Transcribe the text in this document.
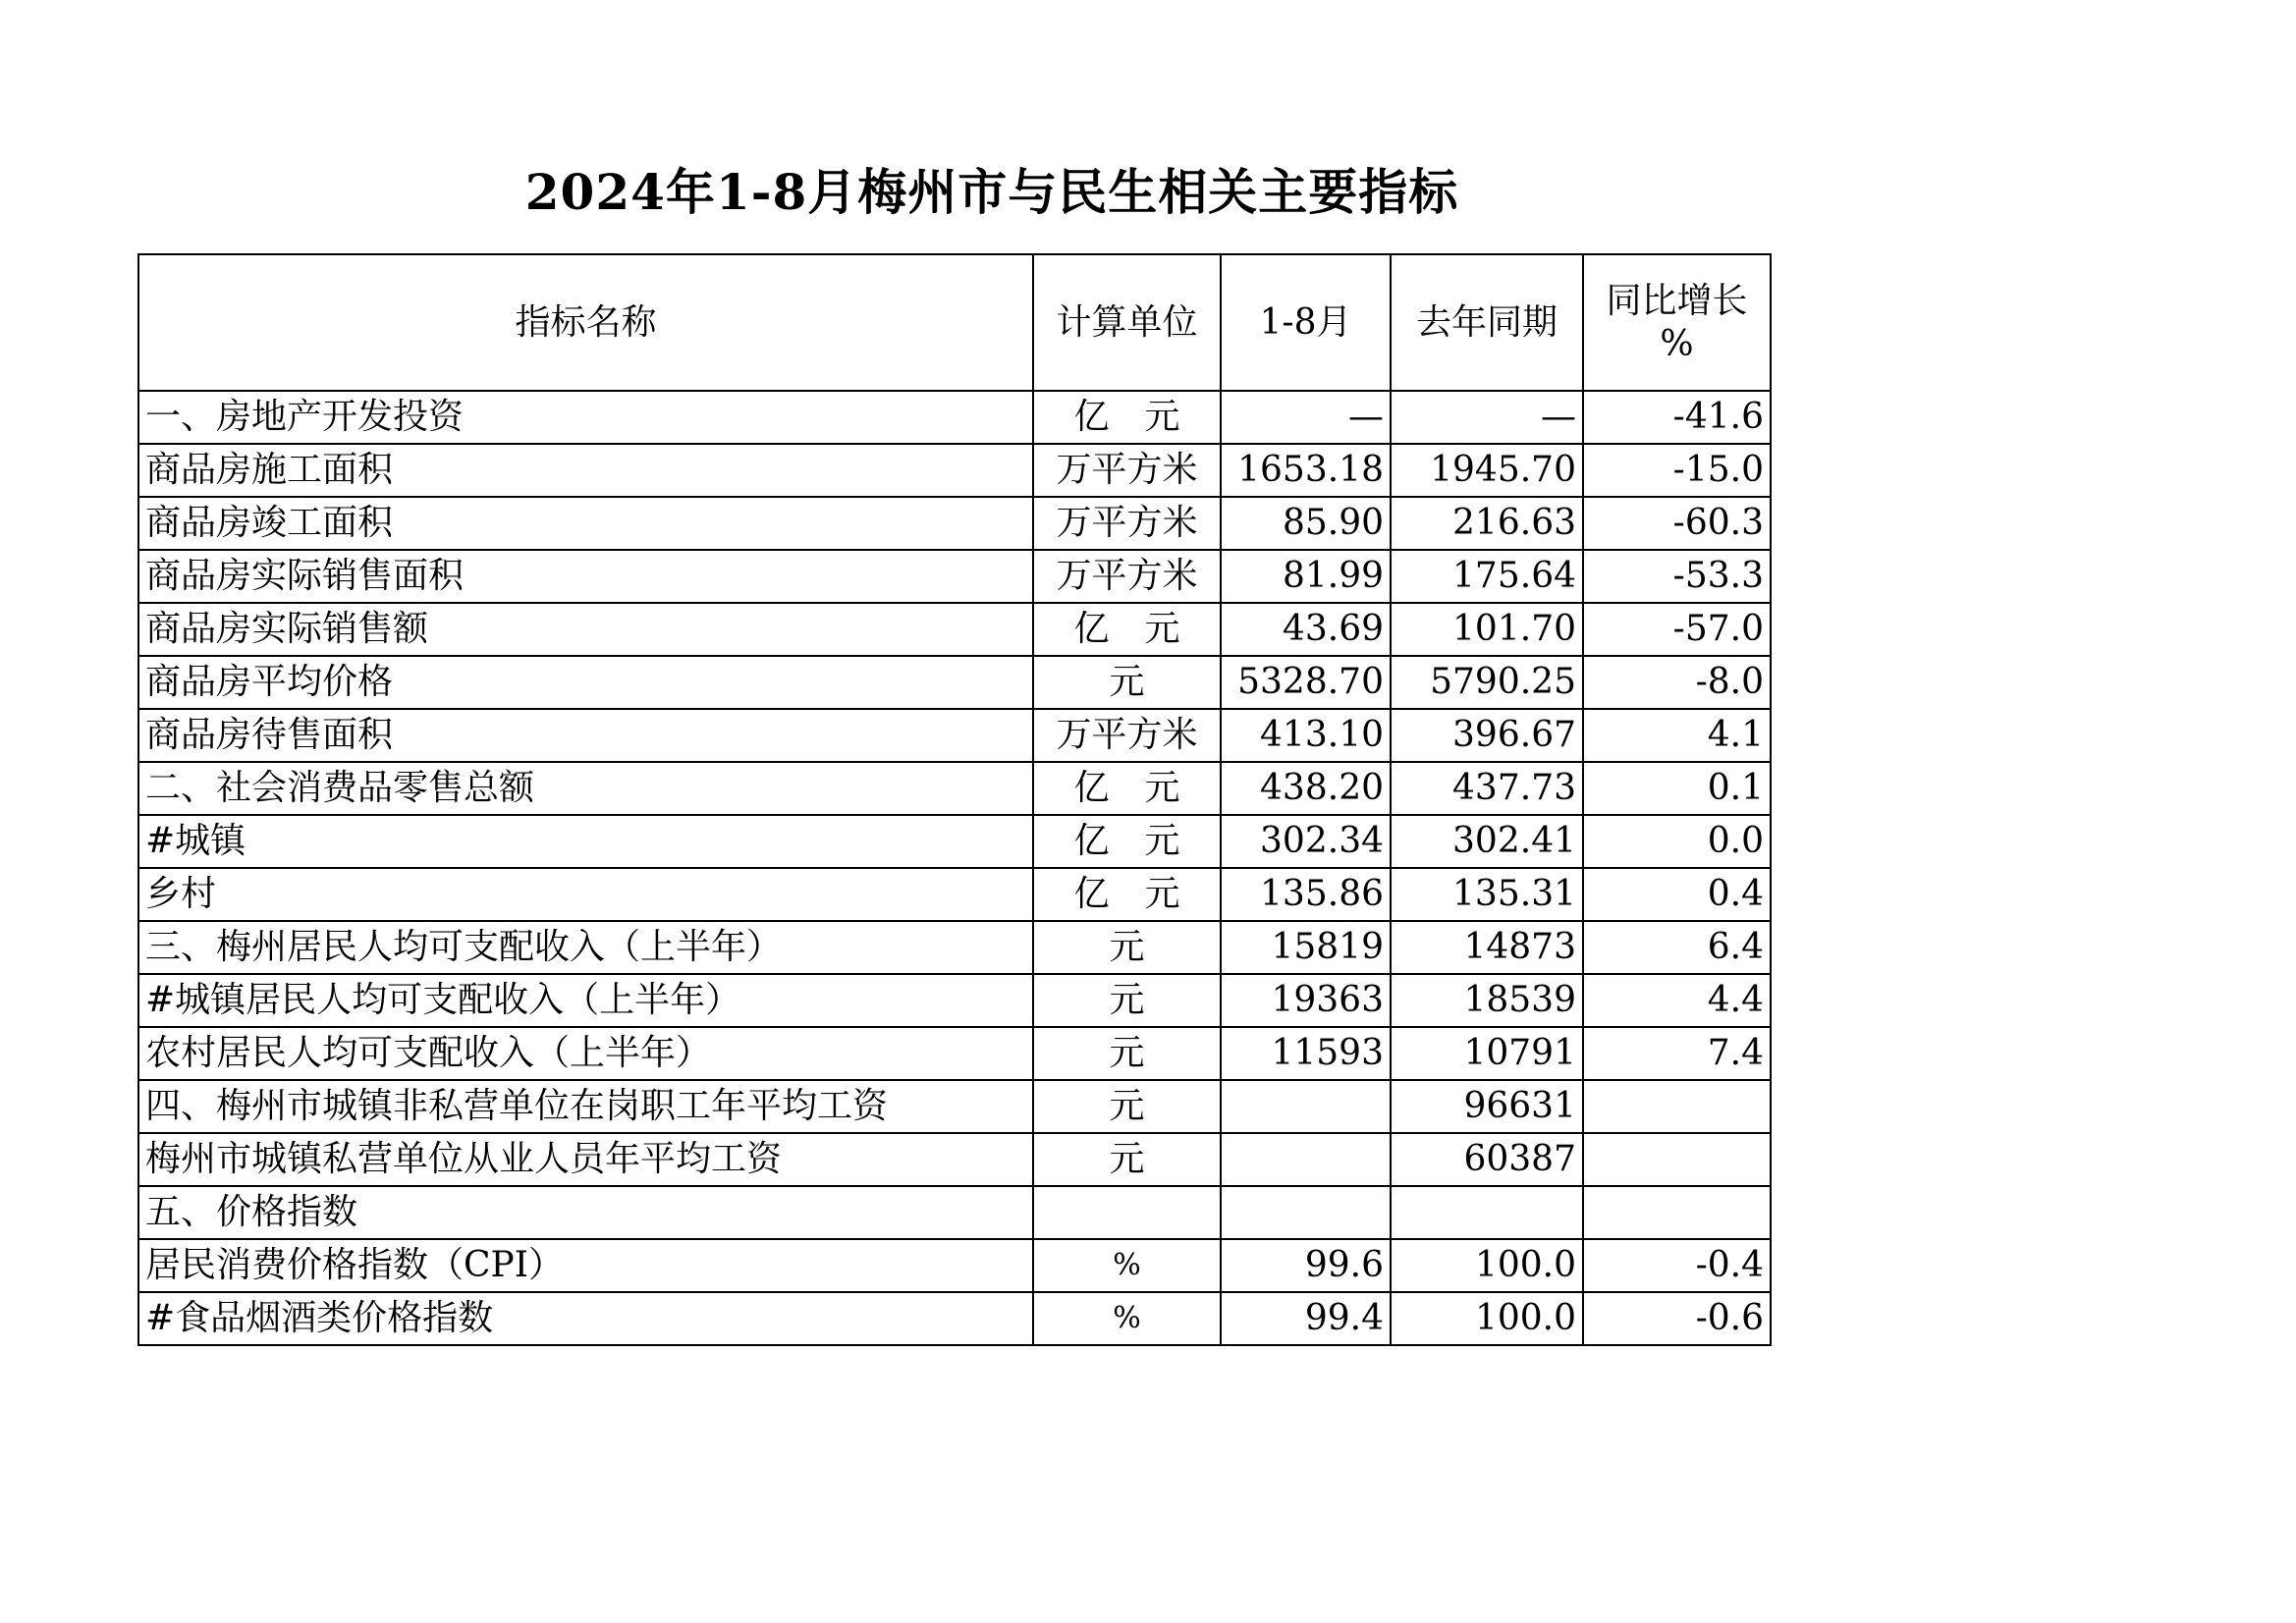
2024年1-8月梅州市与民生相关主要指标
指标名称	计算单位	1-8月	去年同期	同比增长
%
一、房地产开发投资	亿　元	—	—	-41.6
商品房施工面积	万平方米	1653.18	1945.70	-15.0
商品房竣工面积	万平方米	85.90	216.63	-60.3
商品房实际销售面积	万平方米	81.99	175.64	-53.3
商品房实际销售额	亿　元	43.69	101.70	-57.0
商品房平均价格	元	5328.70	5790.25	-8.0
商品房待售面积	万平方米	413.10	396.67	4.1
二、社会消费品零售总额	亿　元	438.20	437.73	0.1
#城镇	亿　元	302.34	302.41	0.0
乡村	亿　元	135.86	135.31	0.4
三、梅州居民人均可支配收入（上半年）	元	15819	14873	6.4
#城镇居民人均可支配收入（上半年）	元	19363	18539	4.4
农村居民人均可支配收入（上半年）	元	11593	10791	7.4
四、梅州市城镇非私营单位在岗职工年平均工资	元		96631	
梅州市城镇私营单位从业人员年平均工资	元		60387	
五、价格指数				
居民消费价格指数（CPI）	%	99.6	100.0	-0.4
#食品烟酒类价格指数	%	99.4	100.0	-0.6
